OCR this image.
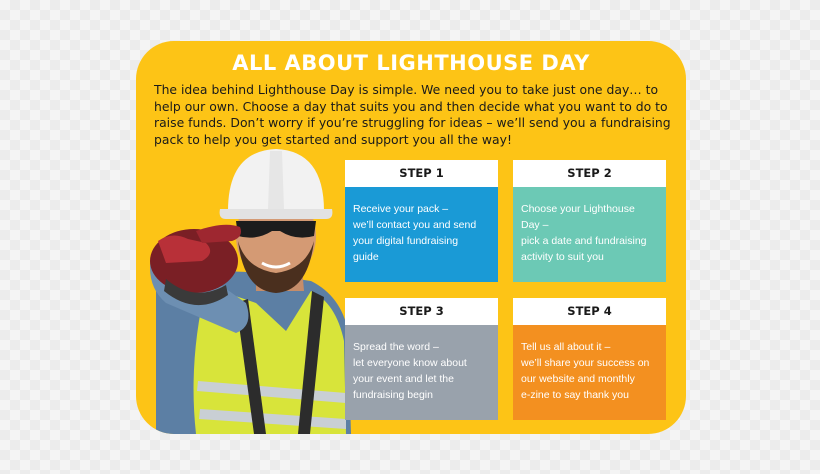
ALL ABOUT LIGHTHOUSE DAY
The idea behind Lighthouse Day is simple. We need you to take just one day… to help our own. Choose a day that suits you and then decide what you want to do to raise funds. Don’t worry if you’re struggling for ideas – we’ll send you a fundraising pack to help you get started and support you all the way!
STEP 1
Receive your pack –
we’ll contact you and send
your digital fundraising
guide
STEP 2
Choose your Lighthouse
Day –
pick a date and fundraising
activity to suit you
STEP 3
Spread the word –
let everyone know about
your event and let the
fundraising begin
STEP 4
Tell us all about it –
we’ll share your success on
our website and monthly
e-zine to say thank you
